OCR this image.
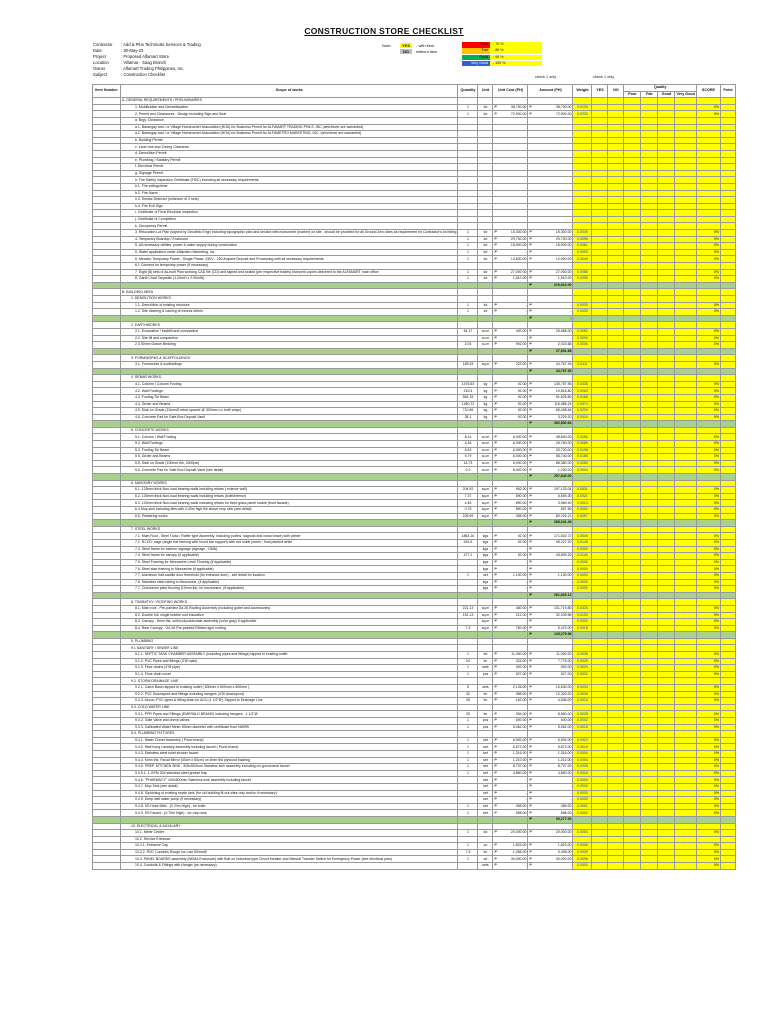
CONSTRUCTION STORE CHECKLIST
Contractor	: Add & Plus Technicals Services & Trading
Date	: 30-May-23
Project	: Proposed Alfamart Store
Location	: Villamar - Saag Branch
Owner	: Alfamart Trading Philippines, Inc.
Subject	: Construction Checklist
Note:	YES	- with item	Poor	- 70 %
NO	without item	Fair	- 80 %
Good	- 95 %
Very Good	- 100 %
check 1 only	check 1 only
Item Number	Scope of works	Quantity	Unit	Unit Cost (PH)	Amount (PH)	Weight	YES	NO	Quality				SCORE	Point
									Poor	Fair	Good	Very Good		
	A. GENERAL REQUIREMENTS / PRELIMINARIES													
	1. Mobilization and Demobilization	1	lot	₱ 38,700.00	₱ 38,700.00	0.0133							0%	
	2. Permit and Clearances - Design including Sign and Seal	1	lot	₱ 72,900.00	₱ 72,900.00	0.0233							0%	
	a. Brgy. Clearance													
	a.1. Barangay and / or Village Homeowner Association (HOA) for Business Permit for ALFAMART TRADING PHILS. INC (whichever are warranted)													
	a.2. Barangay and / or Village Homeowner Association (HOA) for Business Permit for ALFAMETRO MARKETING, INC. (whichever are warranted)													
	b. Building Permit													
	c. Land Use and Zoning Clearance													
	d. Demolition Permit													
	e. Plumbing / Sanitary Permit													
	f. Electrical Permit													
	g. Signage Permit													
	h. Fire Safety Inspection Certificate (FSIC) including all necessary requirements.													
	h.1. Fire extinguisher													
	h.2. Fire Alarm													
	h.3. Smoke Detector (minimum of 2 sets)													
	h.4. Fire Exit Sign													
	i. Certificate of Final Electrical Inspection													
	j. Certificate of Completion													
	k. Occupancy Permit													
	3. Relocation Lot Plan (signed by Geodetic Engr) including topographic plan and section with monument (marker) on site - should be provided for all Ground Zero sites as requirement for Contractor's lot billing	1	lot	₱ 15,300.00	₱ 15,300.00	0.0049							0%	
	4. Temporary Boardup / Enclosure	1	lot	₱ 29,700.00	₱ 29,700.00	0.0095							0%	
	5. All necessary utilities, power & water supply during construction	1	lot	₱ 18,900.00	₱ 18,900.00	0.0061							0%	
	5. Water application under Alfametro Marketing, Inc.	1	lot	₱ -	₱ -	0.0000							0%	
	6. Meralco Temporary Power - Single Phase, 230V - 150 Ampere Deposit and Processing with all necessary requirements.	1	lot	₱ 12,600.00	₱ 12,600.00	0.0040							0%	
	6.1 Consent for temporary power (if necessary)													
	7. Eight (8) sets of As-built Plan working CAD file (CD) and signed and sealed (per respective trades) blueprint copies delivered to the ALFAMART main office	1	lot	₱ 27,000.00	₱ 27,000.00	0.0086							0%	
	8. Gantt Chart Tarpaulin (1.00mH x 2.00mW)	1	lot	₱ 1,510.00	₱ 1,510.00	0.0005							0%	

					₱ 216,610.00									
	B. BUILDING AREA													
	1. DEMOLITION WORKS													
	1.1. Demolition of existing structure	1	lot	₱ -	₱ -	0.0000							0%	
	1.2. Site clearing & hauling of excess debris	1	lot	₱ -	₱ -	0.0000							0%	

					₱ -									
	2. EARTHWORKS													
	2.1. Excavation / backfill and compaction	64.17	cu.m	₱ 400.00	₱ 25,668.00	0.0082							0%	
	2.2. Site fill and compaction		cu.m	₱ -	₱ -	0.0000							0%	
	2.3 50mm Gravel Bedding	2.04	cu.m	₱ 992.00	₱ 2,023.68	0.0006							0%	

					₱ 27,691.68									
	3. FORMWORKS & SCAFFOLDINGS													
	3.1. Formworks & scaffoldings	155.93	sq.m	₱ 223.00	₱ 34,767.93	0.0111							0%	

					₱ 34,767.93									
	4. REBAR WORKS													
	4.1. Column / Column Footing	1475.63	kg	₱ 92.00	₱ 135,757.96	0.0435							0%	
	4.2. Wall Footings	215.4	kg	₱ 92.00	₱ 19,816.80	0.0063							0%	
	4.3. Footing Tie Beam	562.15	kg	₱ 92.00	₱ 51,625.80	0.0165							0%	
	4.4. Girder and Beams	1280.72	kg	₱ 92.00	₱ 116,986.24	0.0374							0%	
	4.5. Slab on Grade (10mmØ rebar spaced @ 300mm o.c both ways)	710.96	kg	₱ 92.00	₱ 65,408.64	0.0209							0%	
	4.6. Concrete Pad for Safe Box Deposit Vault	35.1	kg	₱ 92.00	₱ 3,229.20	0.0010							0%	

					₱ 392,852.64									
	5. CONCRETE WORKS													
	5.1. Column / Wall Footing	8.14	cu.m	₱ 6,000.00	₱ 48,840.00	0.0156							0%	
	5.2. Wall Footings	4.46	cu.m	₱ 6,000.00	₱ 26,760.00	0.0086							0%	
	5.3. Footing Tie Beam	5.62	cu.m	₱ 6,000.00	₱ 33,720.00	0.0108							0%	
	5.5. Girder and Beams	9.79	cu.m	₱ 6,000.00	₱ 58,740.00	0.0188							0%	
	5.5. Slab on Grade (100mm thk, 3000psi)	14.73	cu.m	₱ 6,000.00	₱ 88,380.00	0.0283							0%	
	5.6. Concrete Pad for Safe Box Deposit Vault (see detail)	0.2	cu.m	₱ 6,000.00	₱ 1,200.00	0.0004							0%	

					₱ 257,640.00									
	6. MASONRY WORKS													
	6.1. 125mm thick Non-load bearing walls including rebars ( exterior wall)	204.92	sq.m	₱ 962.00	₱ 197,133.04	0.0631							0%	
	6.2. 100mm thick Non-load bearing walls including rebars (toilet/interior)	7.37	sq.m	₱ 890.00	₱ 6,559.30	0.0021							0%	
	6.3. 100mm thick Non-load bearing walls including rebars for fixed glass panel sockle (front facade)	4.46	sq.m	₱ 890.00	₱ 3,969.40	0.0013							0%	
	6.4 Mop sink including tiles with 0.40m high tile above mop sink (see detail)	0.75	sq.m	₱ 890.00	₱ 667.50	0.0002							0%	
	6.5. Plastering works	225.99	sq.m	₱ 355.00	₱ 80,226.21	0.0257							0%	

					₱ 288,341.49									
	7. STEEL WORKS													
	7.1. Main Roof - Steel Truss / Rafter type Assembly, including purlins, sagrods and cross brace) with primer	1864.16	kgs	₱ 92.00	₱ 171,502.72	0.0549							0%	
	7.2. RCCD: cage (angle bar framing with round bar support) with red oxide primer ; final painted white	491.6	kgs	₱ 92.00	₱ 45,227.20	0.0145							0%	
	7.3. Steel frame for exterior signage (signage - OMA)		kgs	₱ -	₱ -	0.0000							0%	
	7.4. Steel frame for canopy (if applicable)	477.1	kgs	₱ 92.00	₱ 43,893.20	0.0140							0%	
	7.5. Steel Framing for Mezzanine Level Flooring (if applicable)		kgs	₱ -	₱ -	0.0000							0%	
	7.6. Steel stair framing to Mezzanine (if applicable)		kgs	₱ -	₱ -	0.0000							0%	
	7.7. Aluminum half-saddle door threshold (for entrance door) - see detail for location	1	set	₱ 1,100.00	₱ 1,100.00	0.0004							0%	
	7.6. Stainless steel railing to Mezzanine, (if applicable)		kgs	₱ -	₱ -	0.0000							0%	
	7.7. Checkered plate flooring (10mm thk, for mezzanine, (if applicable)		kgs	₱ -	₱ -	0.0000							0%	

					₱ 261,803.12									
	8. TINSMITHY / ROOFING WORKS													
	8.1. Main roof - Pre-painted Ga 26 Roofing Assembly (including gutter and accessories)	221.13	sq.m	₱ 460.00	₱ 101,719.80	0.0326							0%	
	8.2. Double foil, single bubble roof insulation	151.13	sq.m	₱ 212.00	₱ 32,039.56	0.0103							0%	
	8.3. Canopy - 8mm thk. solid polycarbonate assembly (color gray) if applicable		sq.m	₱ -	₱ -	0.0000							0%	
	8.4. Rear Canopy - GA 26 Pre-painted Ribbed-type roofing	7.2	sq.m	₱ 760.00	₱ 5,472.00	0.0018							0%	

					₱ 139,279.96									
	9. PLUMBING													
	9.1 SANITARY / SEWER LINE													
	9.1.1. SEPTIC TANK CHAMBER ASSEMBLY (including pipes and fittings) tapped to existing outlet	1	lot	₱ 11,000.00	₱ 11,000.00	0.0035							0%	
	9.1.2. PVC Pipes and fittings (4"Ø main)	24	lm	₱ 324.00	₱ 7,776.00	0.0025							0%	
	9.1.3. Floor drains (4"Ø pipe)	1	sets	₱ 992.00	₱ 992.00	0.0003							0%	
	9.1.4. Floor drain cover	1	pcs	₱ 527.00	₱ 527.00	0.0002							0%	
	9.2. STORM DRAINAGE LINE													
	9.2.1. Catch Basin tapped to existing outlet ( 600mm x 600mm x 600mm )	5	sets	₱ 2,126.00	₱ 10,630.00	0.0034							0%	
	9.2.2. PVC Downspout and fittings including hangers (4"Ø downspout)	32	lm	₱ 385.00	₱ 12,320.00	0.0039							0%	
	9.2.3. Aircon, PVC pipes & fitting drain for ACU (1 1/2"Ø), Tapped to Drainage Line	28	lm	₱ 162.00	₱ 4,536.00	0.0015							0%	
	9.3. COLD WATER LINE													
	9.3.1. PPR Pipes and Fittings (EMERALD BRAND) including hangers - 1 1/2"Ø	25	lm	₱ 354.00	₱ 8,850.00	0.0028							0%	
	9.3.2. Gate Valve and check valves	1	pcs	₱ 600.00	₱ 600.00	0.0002							0%	
	9.3.3. Calibrated Water Meter 50mm diameter with certificate from NWRB	1	pcs	₱ 5,062.00	₱ 5,062.00	0.0016							0%	
	9.4. PLUMBING FIXTURES													
	9.4.1. Water Closet Assembly ( Pozzi brand)	1	set	₱ 6,992.00	₱ 6,992.00	0.0022							0%	
	9.4.2. Wall hung Lavatory assembly including faucet ( Pozzi brand)	1	set	₱ 5,872.00	₱ 5,872.00	0.0019							0%	
	9.4.3. Stainless steel toilet shower faucet	1	set	₱ 1,316.00	₱ 1,316.00	0.0004							0%	
	9.4.4. Kimn thk. Facial Mirror (40cm x 60cm) on 6mm thk plywood backing	1	set	₱ 1,210.00	₱ 1,210.00	0.0004							0%	
	9.4.5. PREP. KITCHEN SINK - 500x500mm Stainless sink assembly including c/o gooseneck faucet	1	set	₱ 8,707.00	₱ 8,707.00	0.0028							0%	
	9.4.5.1. 1-GPM 304 stainless steel grease trap	1	set	₱ 4,860.00	₱ 4,860.00	0.0016							0%	
	9.4.6. "PHARMACY" 400x500mm Stainless sink assembly including faucet		set	₱ -	₱ -	0.0000							0%	
	9.4.7. Mop Sink (see detail)		set	₱ -	₱ -	0.0000							0%	
	9.4.8. Siphoning of existing septic tank (for old building fit-out sites only and/or if necessary)		set	₱ -	₱ -	0.0000							0%	
	9.4.9. Deep well water pump (if necessary)		set	₱ -	₱ -	0.0000							0%	
	9.4.8. SS Hose Bibb - (0.70m High) - for toilet	1	set	₱ 365.00	₱ 365.00	0.0001							0%	
	9.4.9. SS Faucet - (0.70m High) - for mop sink	1	set	₱ 658.00	₱ 658.00	0.0002							0%	

					₱ 95,277.00									
	10. ELECTRICAL & AUXILIARY													
	10.1. Meter Center	1	lot	₱ 20,000.00	₱ 20,000.00	0.0064							0%	
	10.2. Service Entrance													
	10.2.1. Entrance Cap	1	pc	₱ 1,823.00	₱ 1,823.00	0.0006							0%	
	10.2.2. RSC Conduits Rough ins, use 50mmØ	7.5	lm	₱ 1,266.00	₱ 9,495.00	0.0030							0%	
	10.3. PANEL BOARDS assembly (NEMA Enclosure) with Bolt on Industrial type Circuit breaker and Manual Transfer Switch for Emergency Power (see electrical plan)	1	lot	₱ 30,000.00	₱ 30,000.00	0.0096							0%	
	10.4. Conduits & Fittings with Hanger (as necessary)		sets	₱ -	₱ -	0.0000							0%	
